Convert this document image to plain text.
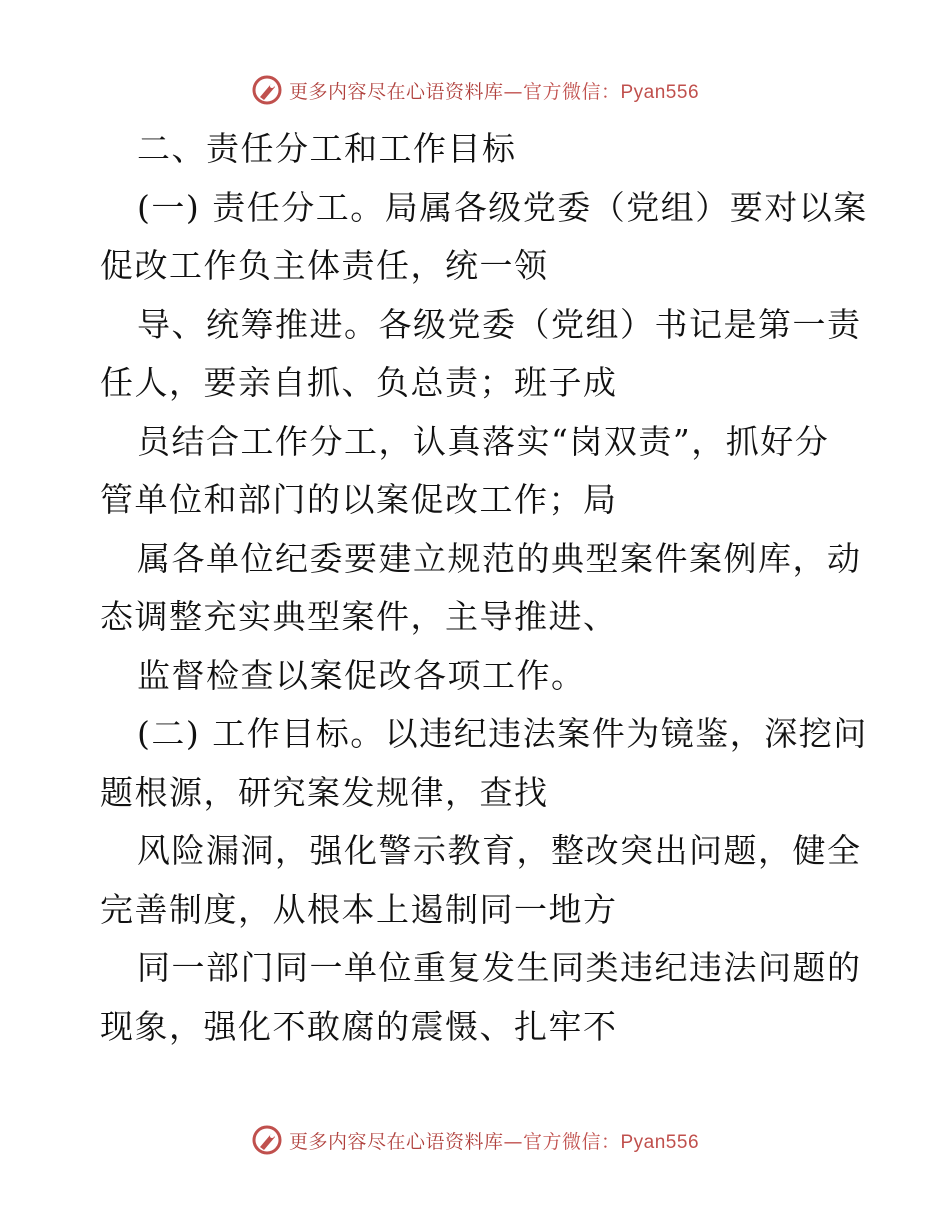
更多内容尽在心语资料库—官方微信：Pyan556
二、责任分工和工作目标
(一) 责任分工。局属各级党委（党组）要对以案
促改工作负主体责任，统一领
导、统筹推进。各级党委（党组）书记是第一责
任人，要亲自抓、负总责；班子成
员结合工作分工，认真落实“岗双责”，抓好分
管单位和部门的以案促改工作；局
属各单位纪委要建立规范的典型案件案例库，动
态调整充实典型案件，主导推进、
监督检查以案促改各项工作。
(二) 工作目标。以违纪违法案件为镜鉴，深挖问
题根源，研究案发规律，查找
风险漏洞，强化警示教育，整改突出问题，健全
完善制度，从根本上遏制同一地方
同一部门同一单位重复发生同类违纪违法问题的
现象，强化不敢腐的震慑、扎牢不
更多内容尽在心语资料库—官方微信：Pyan556
